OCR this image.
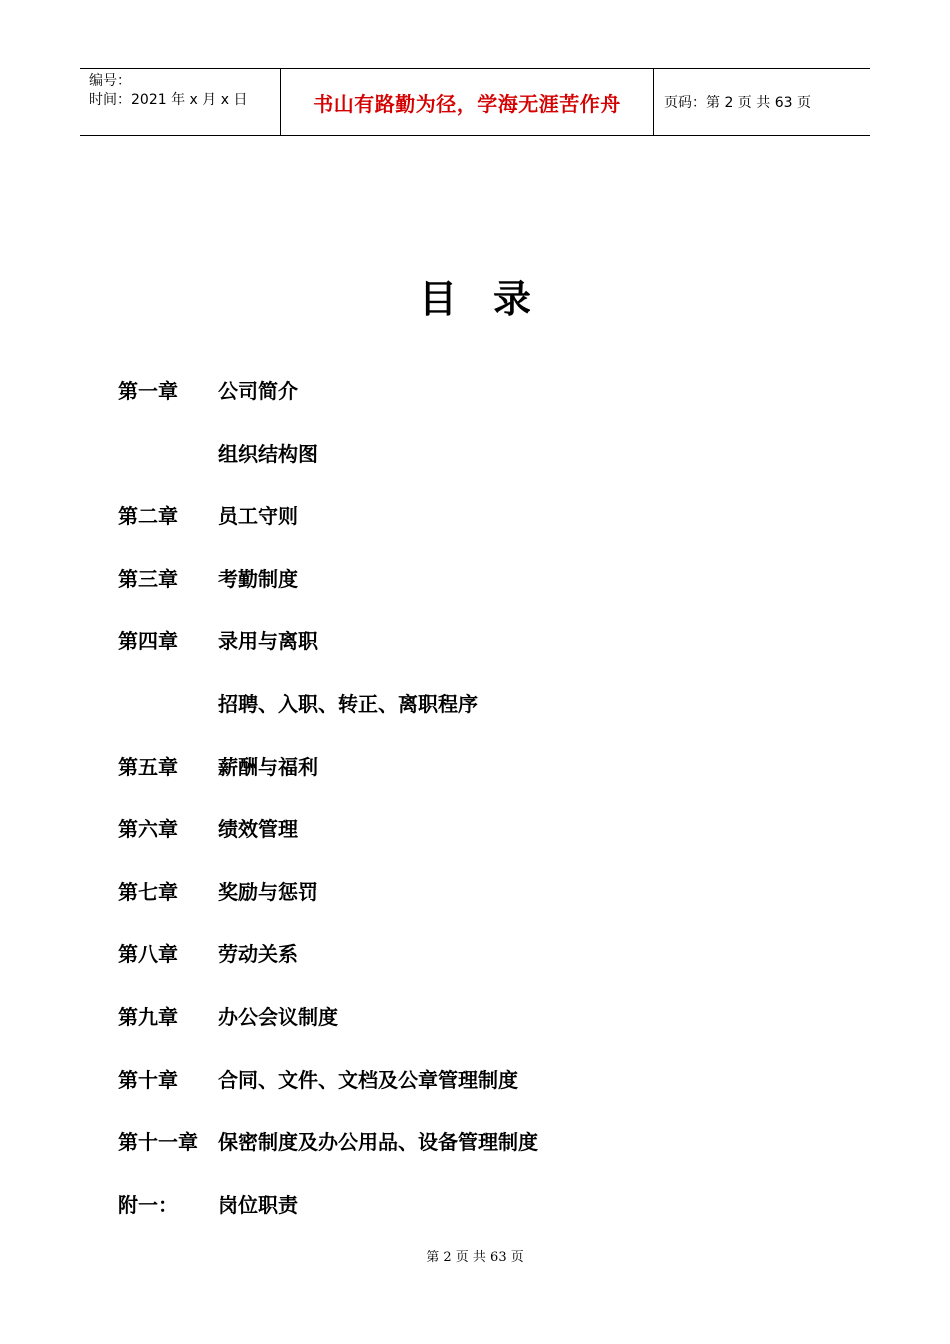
编号：
时间：2021 年 x 月 x 日	书山有路勤为径，学海无涯苦作舟	页码：第 2 页 共 63 页
目录
第一章	公司简介
组织结构图
第二章	员工守则
第三章	考勤制度
第四章	录用与离职
招聘、入职、转正、离职程序
第五章	薪酬与福利
第六章	绩效管理
第七章	奖励与惩罚
第八章	劳动关系
第九章	办公会议制度
第十章	合同、文件、文档及公章管理制度
第十一章	保密制度及办公用品、设备管理制度
附一：	岗位职责
第 2 页 共 63 页
